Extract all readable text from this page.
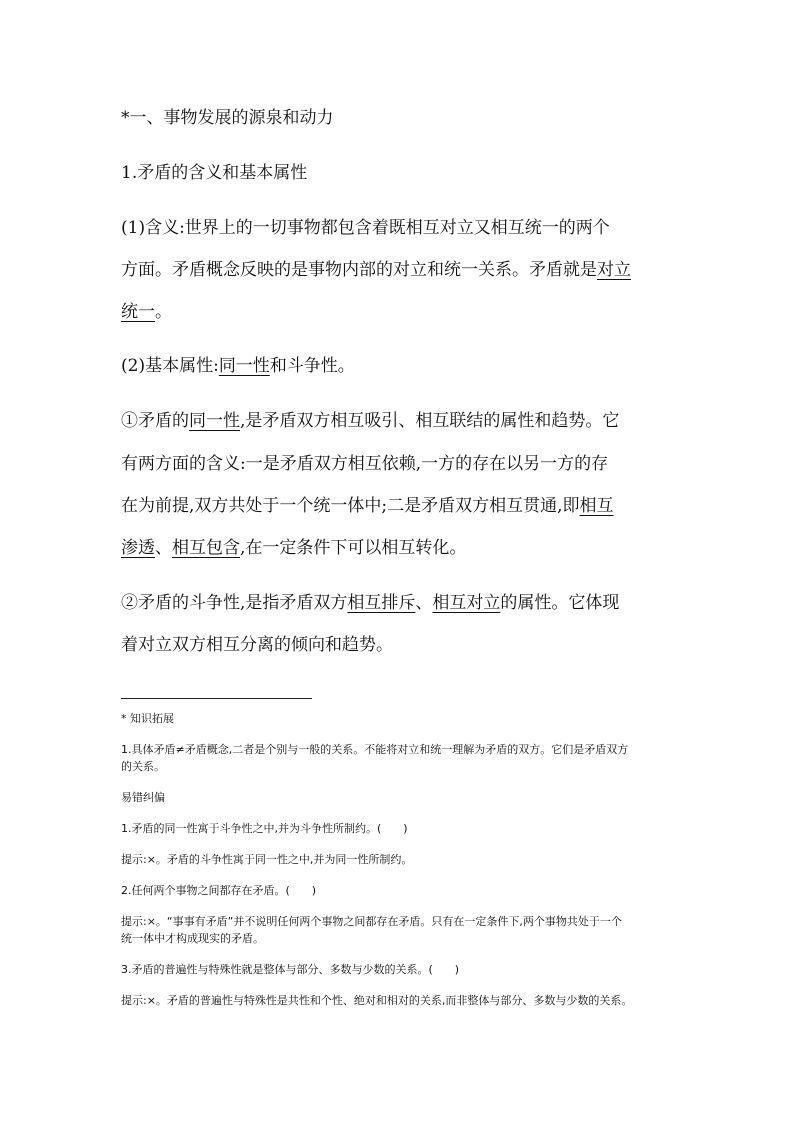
*一、事物发展的源泉和动力
1.矛盾的含义和基本属性
(1)含义:世界上的一切事物都包含着既相互对立又相互统一的两个
方面。矛盾概念反映的是事物内部的对立和统一关系。矛盾就是对立
统一。
(2)基本属性:同一性和斗争性。
①矛盾的同一性,是矛盾双方相互吸引、相互联结的属性和趋势。它
有两方面的含义:一是矛盾双方相互依赖,一方的存在以另一方的存
在为前提,双方共处于一个统一体中;二是矛盾双方相互贯通,即相互
渗透、相互包含,在一定条件下可以相互转化。
②矛盾的斗争性,是指矛盾双方相互排斥、相互对立的属性。它体现
着对立双方相互分离的倾向和趋势。
* 知识拓展
1.具体矛盾≠矛盾概念,二者是个别与一般的关系。不能将对立和统一理解为矛盾的双方。它们是矛盾双方
的关系。
易错纠偏
1.矛盾的同一性寓于斗争性之中,并为斗争性所制约。(　　)
提示:×。矛盾的斗争性寓于同一性之中,并为同一性所制约。
2.任何两个事物之间都存在矛盾。(　　)
提示:×。“事事有矛盾”并不说明任何两个事物之间都存在矛盾。只有在一定条件下,两个事物共处于一个
统一体中才构成现实的矛盾。
3.矛盾的普遍性与特殊性就是整体与部分、多数与少数的关系。(　　)
提示:×。矛盾的普遍性与特殊性是共性和个性、绝对和相对的关系,而非整体与部分、多数与少数的关系。
